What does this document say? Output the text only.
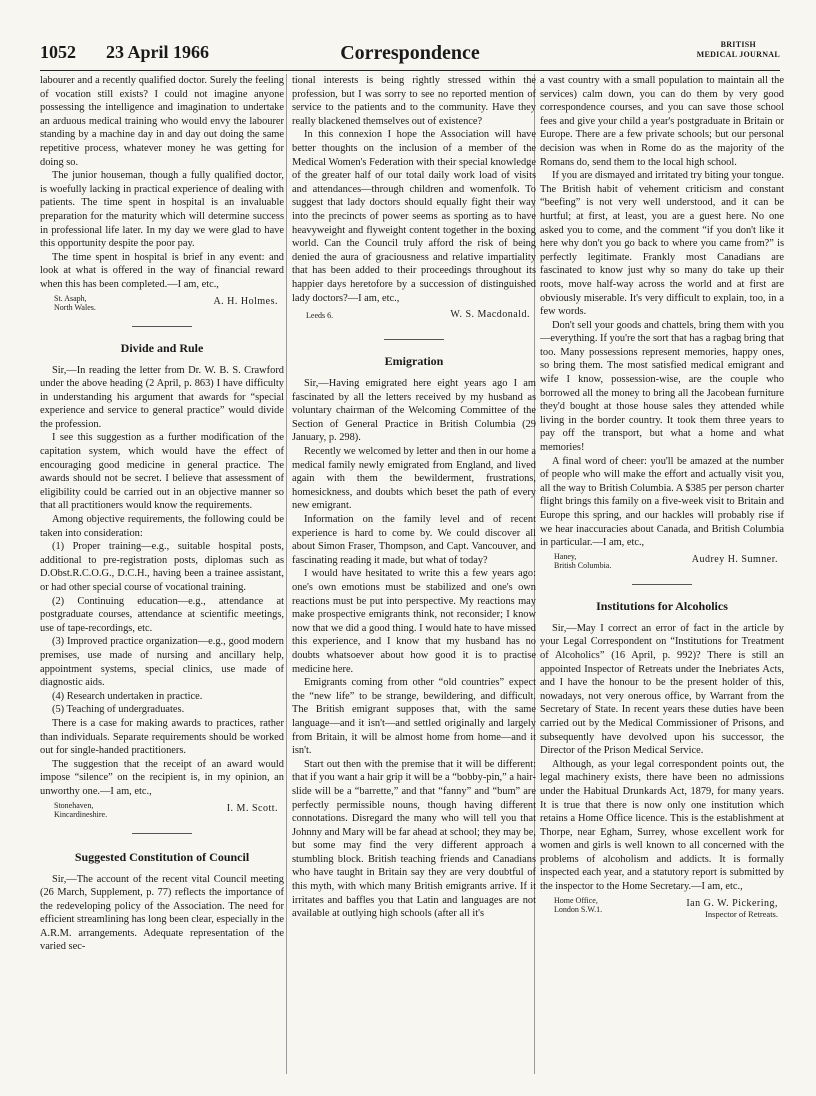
1052 23 April 1966	Correspondence	BRITISH
MEDICAL JOURNAL

labourer and a recently qualified doctor. Surely the feeling of vocation still exists? I could not imagine anyone possessing the intelligence and imagination to undertake an arduous medical training who would envy the labourer standing by a machine day in and day out doing the same repetitive process, whatever money he was getting for doing so.

The junior houseman, though a fully qualified doctor, is woefully lacking in practical experience of dealing with patients. The time spent in hospital is an invaluable preparation for the maturity which will determine success in professional life later. In my day we were glad to have this opportunity despite the poor pay.

The time spent in hospital is brief in any event: and look at what is offered in the way of financial reward when this has been completed.—I am, etc.,

St. Asaph,
North Wales.
A. H. Holmes.
Divide and Rule

Sir,—In reading the letter from Dr. W. B. S. Crawford under the above heading (2 April, p. 863) I have difficulty in understanding his argument that awards for “special experience and service to general practice” would divide the profession.

I see this suggestion as a further modification of the capitation system, which would have the effect of encouraging good medicine in general practice. The awards should not be secret. I believe that assessment of eligibility could be carried out in an objective manner so that all practitioners would know the requirements.

Among objective requirements, the following could be taken into consideration:

(1) Proper training—e.g., suitable hospital posts, additional to pre-registration posts, diplomas such as D.Obst.R.C.O.G., D.C.H., having been a trainee assistant, or had other special course of vocational training.

(2) Continuing education—e.g., attendance at postgraduate courses, attendance at scientific meetings, use of tape-recordings, etc.

(3) Improved practice organization—e.g., good modern premises, use made of nursing and ancillary help, appointment systems, special clinics, use made of diagnostic aids.

(4) Research undertaken in practice.

(5) Teaching of undergraduates.

There is a case for making awards to practices, rather than individuals. Separate requirements should be worked out for single-handed practitioners.

The suggestion that the receipt of an award would impose “silence” on the recipient is, in my opinion, an unworthy one.—I am, etc.,

Stonehaven,
Kincardineshire.
I. M. Scott.
Suggested Constitution of Council

Sir,—The account of the recent vital Council meeting (26 March, Supplement, p. 77) reflects the importance of the redeveloping policy of the Association. The need for efficient streamlining has long been clear, especially in the A.R.M. arrangements. Adequate representation of the varied sec-

tional interests is being rightly stressed within the profession, but I was sorry to see no reported mention of service to the patients and to the community. Have they really blackened themselves out of existence?

In this connexion I hope the Association will have better thoughts on the inclusion of a member of the Medical Women's Federation with their special knowledge of the greater half of our total daily work load of visits and attendances—through children and womenfolk. To suggest that lady doctors should equally fight their way into the precincts of power seems as sporting as to have heavyweight and flyweight content together in the boxing world. Can the Council truly afford the risk of being denied the aura of graciousness and relative impartiality that has been added to their proceedings throughout its happier days heretofore by a succession of distinguished lady doctors?—I am, etc.,

Leeds 6.	W. S. Macdonald.
Emigration

Sir,—Having emigrated here eight years ago I am fascinated by all the letters received by my husband as voluntary chairman of the Welcoming Committee of the Section of General Practice in British Columbia (29 January, p. 298).

Recently we welcomed by letter and then in our home a medical family newly emigrated from England, and lived again with them the bewilderment, frustrations, homesickness, and doubts which beset the path of every new emigrant.

Information on the family level and of recent experience is hard to come by. We could discover all about Simon Fraser, Thompson, and Capt. Vancouver, and fascinating reading it made, but what of today?

I would have hesitated to write this a few years ago: one's own emotions must be stabilized and one's own reactions must be put into perspective. My reactions may make prospective emigrants think, not reconsider; I know now that we did a good thing. I would hate to have missed this experience, and I know that my husband has no doubts whatsoever about how good it is to practise medicine here.

Emigrants coming from other “old countries” expect the “new life” to be strange, bewildering, and difficult. The British emigrant supposes that, with the same language—and it isn't—and settled originally and largely from Britain, it will be almost home from home—and it isn't.

Start out then with the premise that it will be different: that if you want a hair grip it will be a “bobby-pin,” a hair-slide will be a “barrette,” and that “fanny” and “bum” are perfectly permissible nouns, though having different connotations. Disregard the many who will tell you that Johnny and Mary will be far ahead at school; they may be, but some may find the very different approach a stumbling block. British teaching friends and Canadians who have taught in Britain say they are very doubtful of this myth, with which many British emigrants arrive. If it irritates and baffles you that Latin and languages are not available at outlying high schools (after all it's

a vast country with a small population to maintain all the services) calm down, you can do them by very good correspondence courses, and you can save those school fees and give your child a year's postgraduate in Britain or Europe. There are a few private schools; but our personal decision was when in Rome do as the majority of the Romans do, send them to the local high school.

If you are dismayed and irritated try biting your tongue. The British habit of vehement criticism and constant “beefing” is not very well understood, and it can be hurtful; at first, at least, you are a guest here. No one asked you to come, and the comment “if you don't like it here why don't you go back to where you came from?” is perfectly legitimate. Frankly most Canadians are fascinated to know just why so many do take up their roots, move half-way across the world and at first are obviously miserable. It's very difficult to explain, too, in a few words.

Don't sell your goods and chattels, bring them with you—everything. If you're the sort that has a ragbag bring that too. Many possessions represent memories, happy ones, so bring them. The most satisfied medical emigrant and wife I know, possession-wise, are the couple who borrowed all the money to bring all the Jacobean furniture they'd bought at those house sales they attended while living in the border country. It took them three years to pay off the transport, but what a home and what memories!

A final word of cheer: you'll be amazed at the number of people who will make the effort and actually visit you, all the way to British Columbia. A $385 per person charter flight brings this family on a five-week visit to Britain and Europe this spring, and our hackles will probably rise if we hear inaccuracies about Canada, and British Columbia in particular.—I am, etc.,

Haney,
British Columbia.
Audrey H. Sumner.
Institutions for Alcoholics

Sir,—May I correct an error of fact in the article by your Legal Correspondent on “Institutions for Treatment of Alcoholics” (16 April, p. 992)? There is still an appointed Inspector of Retreats under the Inebriates Acts, and I have the honour to be the present holder of this, nowadays, not very onerous office, by Warrant from the Secretary of State. In recent years these duties have been carried out by the Medical Commissioner of Prisons, and subsequently have devolved upon his successor, the Director of the Prison Medical Service.

Although, as your legal correspondent points out, the legal machinery exists, there have been no admissions under the Habitual Drunkards Act, 1879, for many years. It is true that there is now only one institution which retains a Home Office licence. This is the establishment at Thorpe, near Egham, Surrey, whose excellent work for women and girls is well known to all concerned with the problems of alcoholism and addicts. It is formally inspected each year, and a statutory report is submitted by the inspector to the Home Secretary.—I am, etc.,

Home Office,
London S.W.1.
Ian G. W. Pickering,
Inspector of Retreats.
